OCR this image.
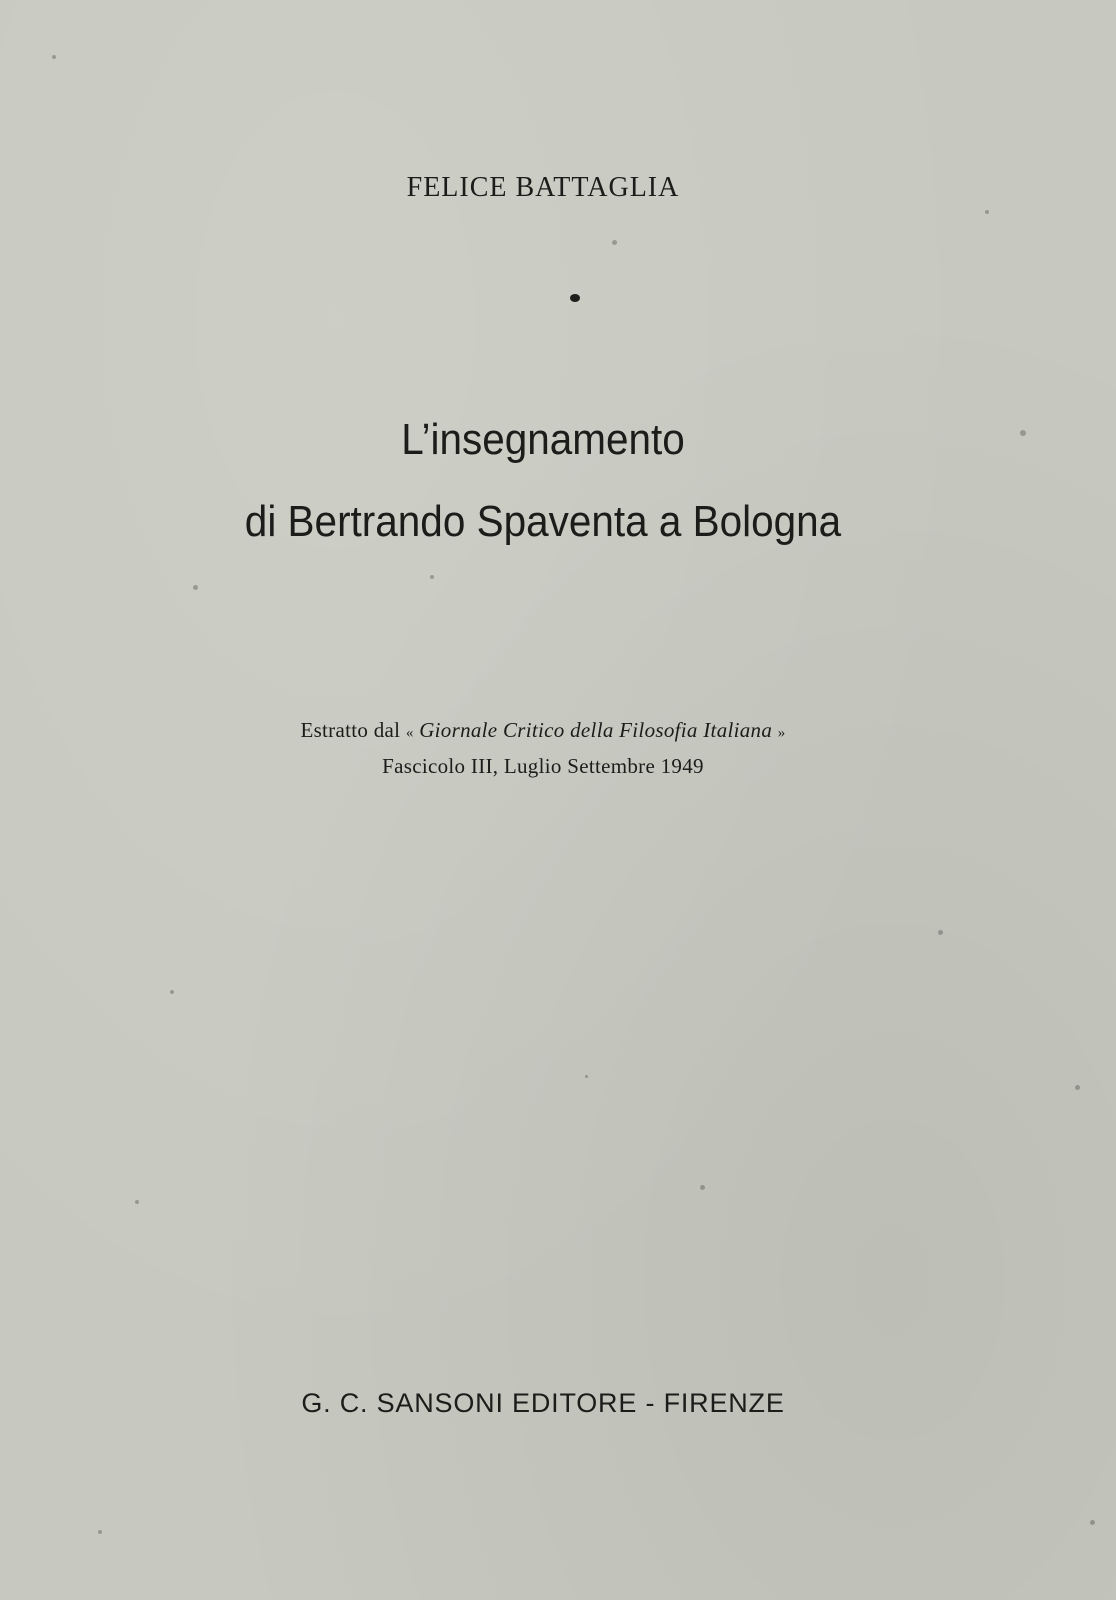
FELICE BATTAGLIA
L’insegnamento
di Bertrando Spaventa a Bologna
Estratto dal « Giornale Critico della Filosofia Italiana »
Fascicolo III, Luglio Settembre 1949
G. C. SANSONI EDITORE - FIRENZE
